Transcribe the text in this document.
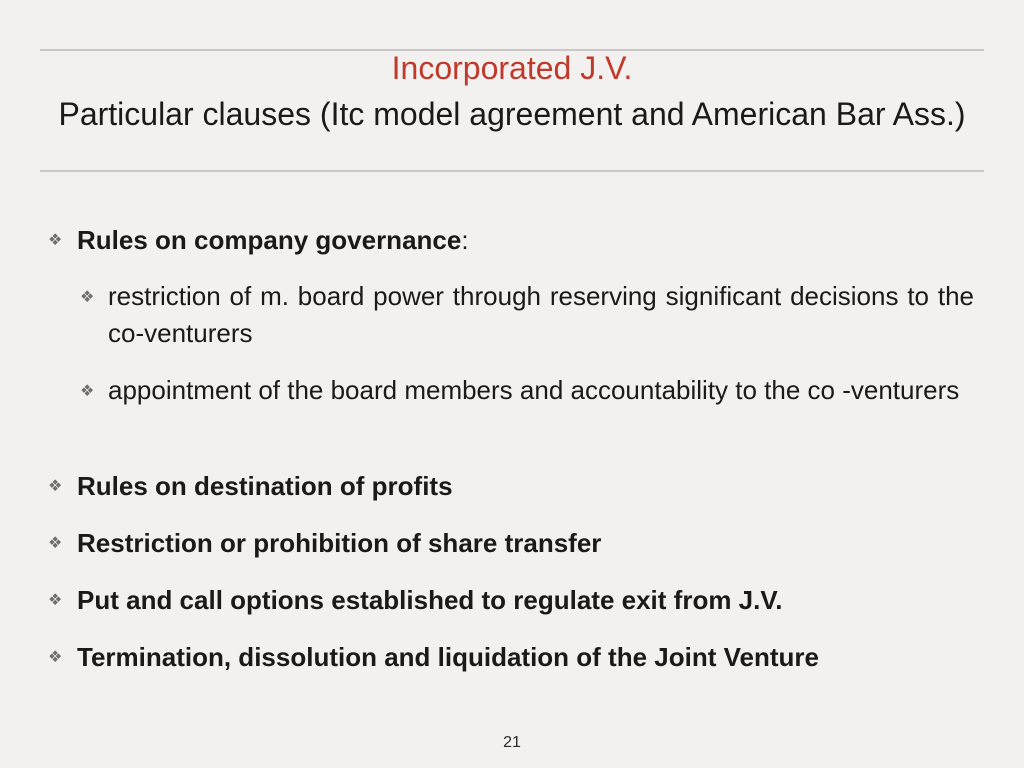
Incorporated J.V.
Particular clauses (Itc model agreement and American Bar Ass.)
❖ Rules on company governance:
❖ restriction of m. board power through reserving significant decisions to the co-venturers
❖ appointment of the board members and accountability to the co -venturers
❖ Rules on destination of profits
❖ Restriction or prohibition of share transfer
❖ Put and call options established to regulate exit from J.V.
❖ Termination, dissolution and liquidation of the Joint Venture
21
